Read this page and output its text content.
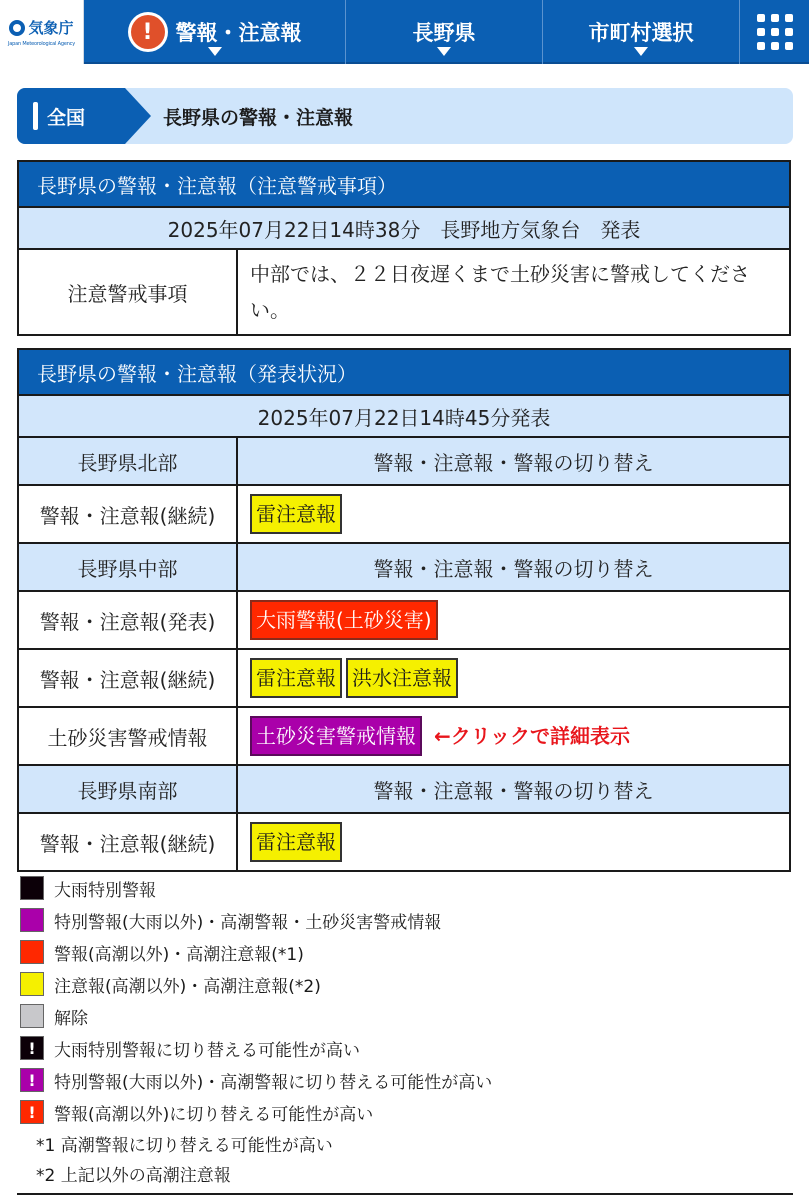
気象庁
Japan Meteorological Agency	!	警報・注意報	長野県	市町村選択
全国	長野県の警報・注意報
長野県の警報・注意報（注意警戒事項）
2025年07月22日14時38分　長野地方気象台　発表
注意警戒事項	中部では、２２日夜遅くまで土砂災害に警戒してください。
長野県の警報・注意報（発表状況）	
2025年07月22日14時45分発表	
長野県北部	警報・注意報・警報の切り替え
警報・注意報(継続)	雷注意報
長野県中部	警報・注意報・警報の切り替え
警報・注意報(発表)	大雨警報(土砂災害)
警報・注意報(継続)	雷注意報 洪水注意報
土砂災害警戒情報	土砂災害警戒情報 ←クリックで詳細表示
長野県南部	警報・注意報・警報の切り替え
警報・注意報(継続)	雷注意報
大雨特別警報
特別警報(大雨以外)・高潮警報・土砂災害警戒情報
警報(高潮以外)・高潮注意報(*1)
注意報(高潮以外)・高潮注意報(*2)
解除
!	大雨特別警報に切り替える可能性が高い
!	特別警報(大雨以外)・高潮警報に切り替える可能性が高い
!	警報(高潮以外)に切り替える可能性が高い
*1 高潮警報に切り替える可能性が高い
*2 上記以外の高潮注意報
